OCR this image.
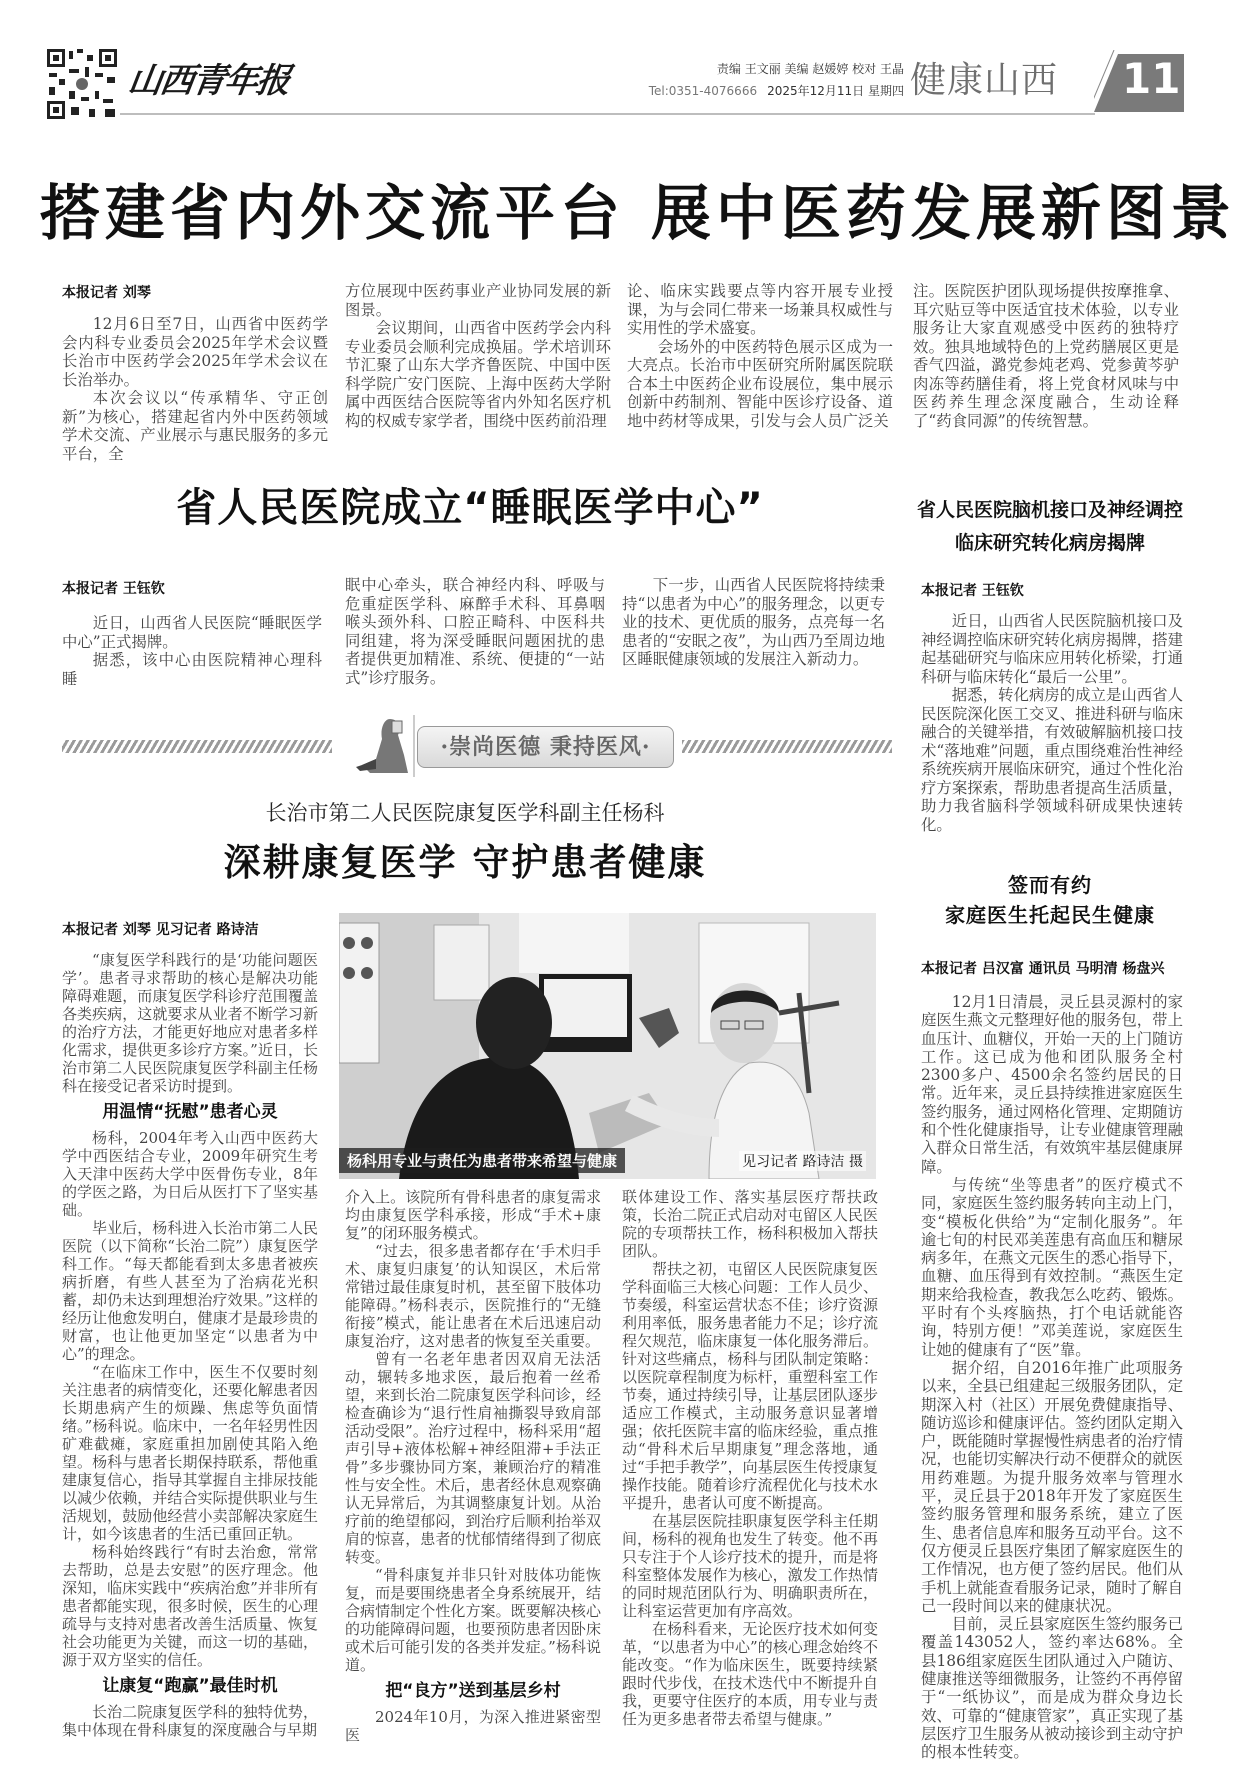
山西青年报	责编 王文丽 美编 赵媛婷 校对 王晶
Tel:0351-4076666 2025年12月11日 星期四 健康山西 11
搭建省内外交流平台 展中医药发展新图景
本报记者 刘琴

12月6日至7日，山西省中医药学会内科专业委员会2025年学术会议暨长治市中医药学会2025年学术会议在长治举办。

本次会议以“传承精华、守正创新”为核心，搭建起省内外中医药领域学术交流、产业展示与惠民服务的多元平台，全

方位展现中医药事业产业协同发展的新图景。

会议期间，山西省中医药学会内科专业委员会顺利完成换届。学术培训环节汇聚了山东大学齐鲁医院、中国中医科学院广安门医院、上海中医药大学附属中西医结合医院等省内外知名医疗机构的权威专家学者，围绕中医药前沿理

论、临床实践要点等内容开展专业授课，为与会同仁带来一场兼具权威性与实用性的学术盛宴。

会场外的中医药特色展示区成为一大亮点。长治市中医研究所附属医院联合本土中医药企业布设展位，集中展示创新中药制剂、智能中医诊疗设备、道地中药材等成果，引发与会人员广泛关

注。医院医护团队现场提供按摩推拿、耳穴贴豆等中医适宜技术体验，以专业服务让大家直观感受中医药的独特疗效。独具地域特色的上党药膳展区更是香气四溢，潞党参炖老鸡、党参黄芩驴肉冻等药膳佳肴，将上党食材风味与中医药养生理念深度融合，生动诠释了“药食同源”的传统智慧。

省人民医院成立“睡眠医学中心”
本报记者 王钰钦

近日，山西省人民医院“睡眠医学中心”正式揭牌。

据悉，该中心由医院精神心理科睡

眠中心牵头，联合神经内科、呼吸与危重症医学科、麻醉手术科、耳鼻咽喉头颈外科、口腔正畸科、中医科共同组建，将为深受睡眠问题困扰的患者提供更加精准、系统、便捷的“一站式”诊疗服务。

下一步，山西省人民医院将持续秉持“以患者为中心”的服务理念，以更专业的技术、更优质的服务，点亮每一名患者的“安眠之夜”，为山西乃至周边地区睡眠健康领域的发展注入新动力。

省人民医院脑机接口及神经调控
临床研究转化病房揭牌
本报记者 王钰钦

近日，山西省人民医院脑机接口及神经调控临床研究转化病房揭牌，搭建起基础研究与临床应用转化桥梁，打通科研与临床转化“最后一公里”。

据悉，转化病房的成立是山西省人民医院深化医工交叉、推进科研与临床融合的关键举措，有效破解脑机接口技术“落地难”问题，重点围绕难治性神经系统疾病开展临床研究，通过个性化治疗方案探索，帮助患者提高生活质量，助力我省脑科学领域科研成果快速转化。

·崇尚医德 秉持医风·
长治市第二人民医院康复医学科副主任杨科
深耕康复医学 守护患者健康
本报记者 刘琴 见习记者 路诗洁

“康复医学科践行的是‘功能问题医学’。患者寻求帮助的核心是解决功能障碍难题，而康复医学科诊疗范围覆盖各类疾病，这就要求从业者不断学习新的治疗方法，才能更好地应对患者多样化需求，提供更多诊疗方案。”近日，长治市第二人民医院康复医学科副主任杨科在接受记者采访时提到。

用温情“抚慰”患者心灵

杨科，2004年考入山西中医药大学中西医结合专业，2009年研究生考入天津中医药大学中医骨伤专业，8年的学医之路，为日后从医打下了坚实基础。

毕业后，杨科进入长治市第二人民医院（以下简称“长治二院”）康复医学科工作。“每天都能看到太多患者被疾病折磨，有些人甚至为了治病花光积蓄，却仍未达到理想治疗效果。”这样的经历让他愈发明白，健康才是最珍贵的财富，也让他更加坚定“以患者为中心”的理念。

“在临床工作中，医生不仅要时刻关注患者的病情变化，还要化解患者因长期患病产生的烦躁、焦虑等负面情绪。”杨科说。临床中，一名年轻男性因矿难截瘫，家庭重担加剧使其陷入绝望。杨科与患者长期保持联系，帮他重建康复信心，指导其掌握自主排尿技能以减少依赖，并结合实际提供职业与生活规划，鼓励他经营小卖部解决家庭生计，如今该患者的生活已重回正轨。

杨科始终践行“有时去治愈，常常去帮助，总是去安慰”的医疗理念。他深知，临床实践中“疾病治愈”并非所有患者都能实现，很多时候，医生的心理疏导与支持对患者改善生活质量、恢复社会功能更为关键，而这一切的基础，源于双方坚实的信任。

让康复“跑赢”最佳时机

长治二院康复医学科的独特优势，集中体现在骨科康复的深度融合与早期

杨科用专业与责任为患者带来希望与健康	见习记者 路诗洁 摄

介入上。该院所有骨科患者的康复需求均由康复医学科承接，形成“手术+康复”的闭环服务模式。

“过去，很多患者都存在‘手术归手术、康复归康复’的认知误区，术后常常错过最佳康复时机，甚至留下肢体功能障碍。”杨科表示，医院推行的“无缝衔接”模式，能让患者在术后迅速启动康复治疗，这对患者的恢复至关重要。

曾有一名老年患者因双肩无法活动，辗转多地求医，最后抱着一丝希望，来到长治二院康复医学科问诊，经检查确诊为“退行性肩袖撕裂导致肩部活动受限”。治疗过程中，杨科采用“超声引导+液体松解+神经阻滞+手法正骨”多步骤协同方案，兼顾治疗的精准性与安全性。术后，患者经休息观察确认无异常后，为其调整康复计划。从治疗前的绝望郁闷，到治疗后顺利抬举双肩的惊喜，患者的忧郁情绪得到了彻底转变。

“骨科康复并非只针对肢体功能恢复，而是要围绕患者全身系统展开，结合病情制定个性化方案。既要解决核心的功能障碍问题，也要预防患者因卧床或术后可能引发的各类并发症。”杨科说道。

把“良方”送到基层乡村

2024年10月，为深入推进紧密型医

联体建设工作、落实基层医疗帮扶政策，长治二院正式启动对屯留区人民医院的专项帮扶工作，杨科积极加入帮扶团队。

帮扶之初，屯留区人民医院康复医学科面临三大核心问题：工作人员少、节奏缓，科室运营状态不佳；诊疗资源利用率低，服务患者能力不足；诊疗流程欠规范，临床康复一体化服务滞后。针对这些痛点，杨科与团队制定策略：以医院章程制度为标杆，重塑科室工作节奏，通过持续引导，让基层团队逐步适应工作模式，主动服务意识显著增强；依托医院丰富的临床经验，重点推动“骨科术后早期康复”理念落地，通过“手把手教学”，向基层医生传授康复操作技能。随着诊疗流程优化与技术水平提升，患者认可度不断提高。

在基层医院挂职康复医学科主任期间，杨科的视角也发生了转变。他不再只专注于个人诊疗技术的提升，而是将科室整体发展作为核心，激发工作热情的同时规范团队行为、明确职责所在，让科室运营更加有序高效。

在杨科看来，无论医疗技术如何变革，“以患者为中心”的核心理念始终不能改变。“作为临床医生，既要持续紧跟时代步伐，在技术迭代中不断提升自我，更要守住医疗的本质，用专业与责任为更多患者带去希望与健康。”

签而有约
家庭医生托起民生健康
本报记者 吕汉富 通讯员 马明清 杨盘兴

12月1日清晨，灵丘县灵源村的家庭医生燕文元整理好他的服务包，带上血压计、血糖仪，开始一天的上门随访工作。这已成为他和团队服务全村2300多户、4500余名签约居民的日常。近年来，灵丘县持续推进家庭医生签约服务，通过网格化管理、定期随访和个性化健康指导，让专业健康管理融入群众日常生活，有效筑牢基层健康屏障。

与传统“坐等患者”的医疗模式不同，家庭医生签约服务转向主动上门，变“模板化供给”为“定制化服务”。年逾七旬的村民邓美莲患有高血压和糖尿病多年，在燕文元医生的悉心指导下，血糖、血压得到有效控制。“燕医生定期来给我检查，教我怎么吃药、锻炼。平时有个头疼脑热，打个电话就能咨询，特别方便！”邓美莲说，家庭医生让她的健康有了“医”靠。

据介绍，自2016年推广此项服务以来，全县已组建起三级服务团队，定期深入村（社区）开展免费健康指导、随访巡诊和健康评估。签约团队定期入户，既能随时掌握慢性病患者的治疗情况，也能切实解决行动不便群众的就医用药难题。为提升服务效率与管理水平，灵丘县于2018年开发了家庭医生签约服务管理和服务系统，建立了医生、患者信息库和服务互动平台。这不仅方便灵丘县医疗集团了解家庭医生的工作情况，也方便了签约居民。他们从手机上就能查看服务记录，随时了解自己一段时间以来的健康状况。

目前，灵丘县家庭医生签约服务已覆盖143052人，签约率达68%。全县186组家庭医生团队通过入户随访、健康推送等细微服务，让签约不再停留于“一纸协议”，而是成为群众身边长效、可靠的“健康管家”，真正实现了基层医疗卫生服务从被动接诊到主动守护的根本性转变。
